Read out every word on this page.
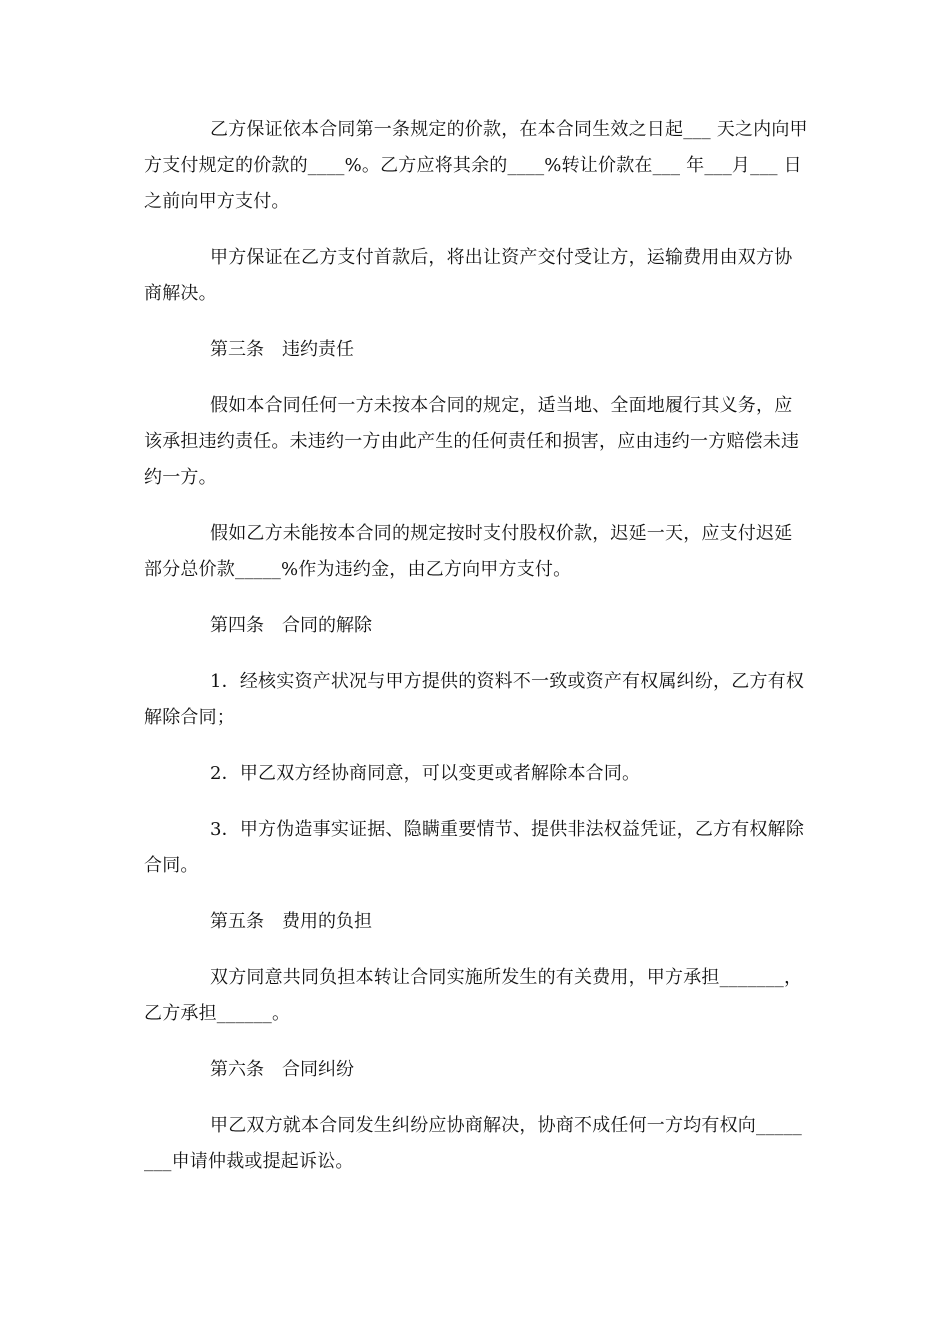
乙方保证依本合同第一条规定的价款，在本合同生效之日起___ 天之内向甲方支付规定的价款的____%。乙方应将其余的____%转让价款在___ 年___月___ 日之前向甲方支付。

甲方保证在乙方支付首款后，将出让资产交付受让方，运输费用由双方协商解决。

第三条　违约责任

假如本合同任何一方未按本合同的规定，适当地、全面地履行其义务，应该承担违约责任。未违约一方由此产生的任何责任和损害，应由违约一方赔偿未违约一方。

假如乙方未能按本合同的规定按时支付股权价款，迟延一天，应支付迟延部分总价款_____%作为违约金，由乙方向甲方支付。

第四条　合同的解除

1．经核实资产状况与甲方提供的资料不一致或资产有权属纠纷，乙方有权解除合同；

2．甲乙双方经协商同意，可以变更或者解除本合同。

3．甲方伪造事实证据、隐瞒重要情节、提供非法权益凭证，乙方有权解除合同。

第五条　费用的负担

双方同意共同负担本转让合同实施所发生的有关费用，甲方承担_______，乙方承担______。

第六条　合同纠纷

甲乙双方就本合同发生纠纷应协商解决，协商不成任何一方均有权向________申请仲裁或提起诉讼。
